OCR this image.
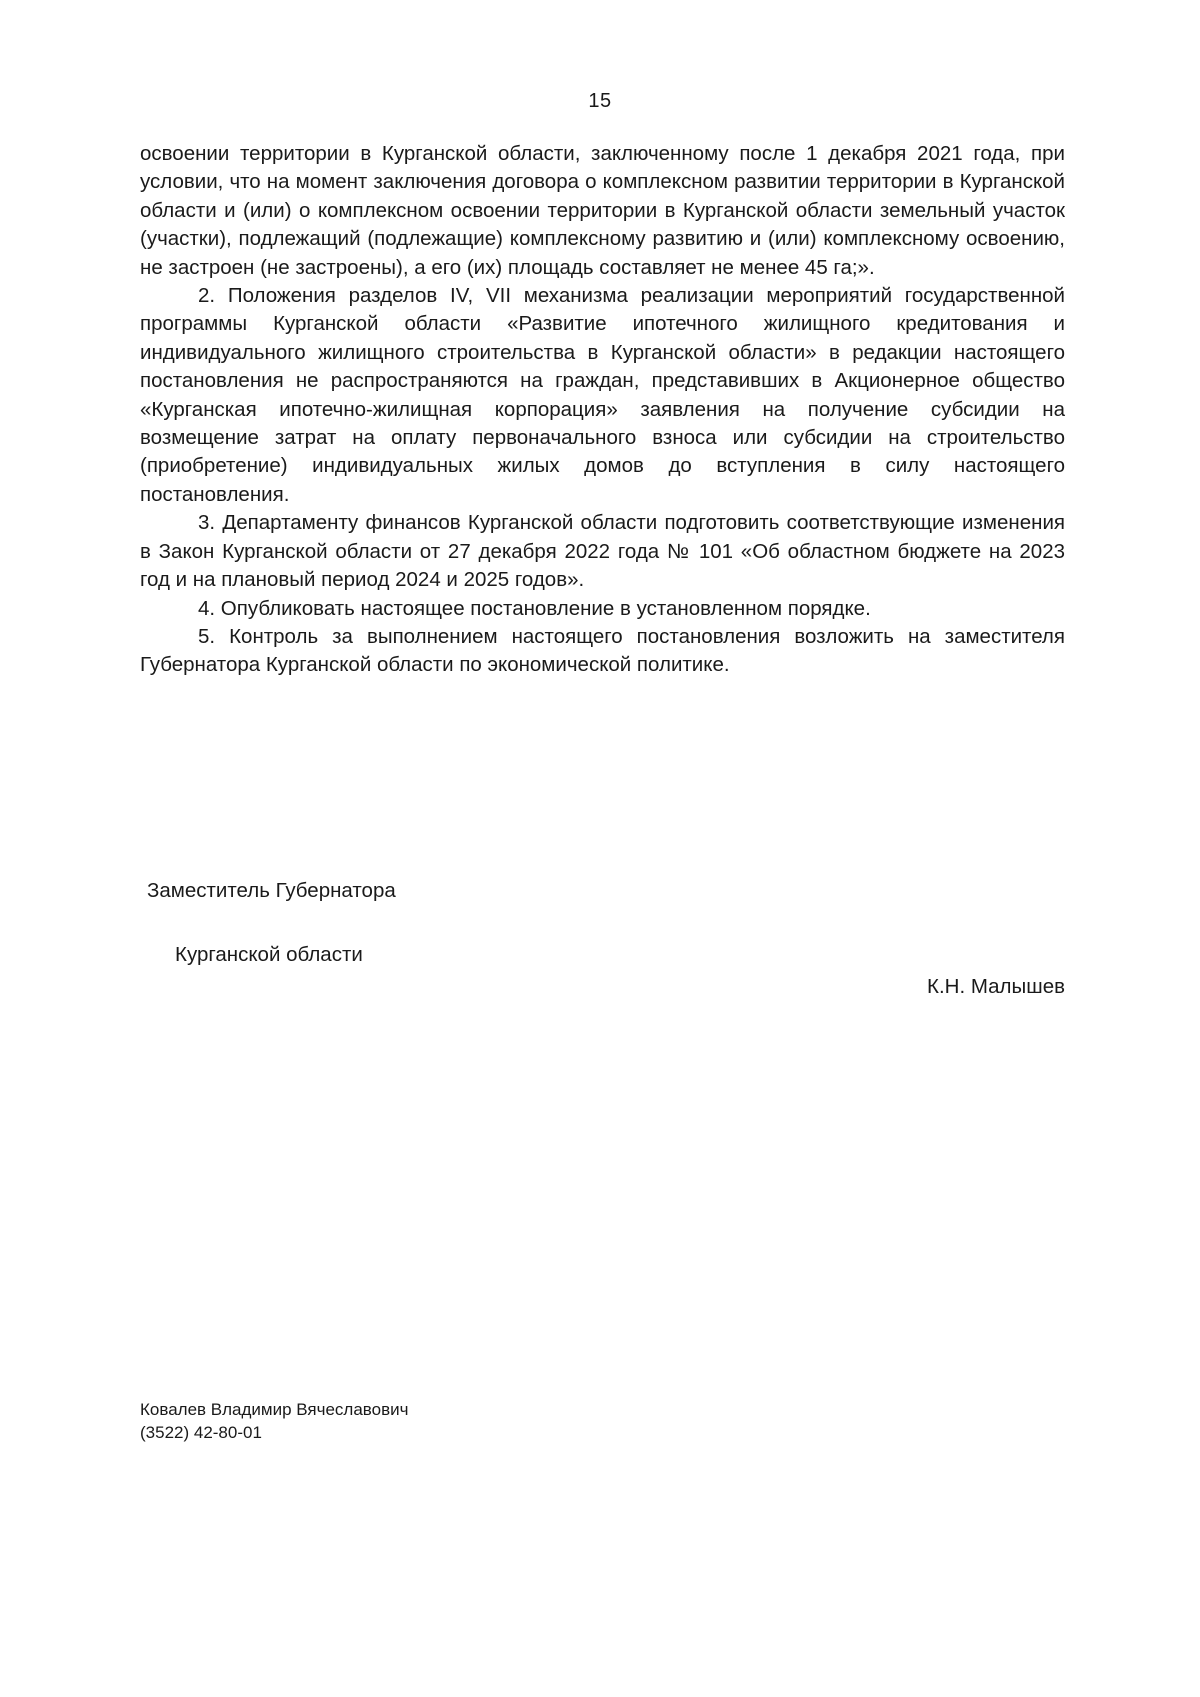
15

освоении территории в Курганской области, заключенному после 1 декабря 2021 года, при условии, что на момент заключения договора о комплексном развитии территории в Курганской области и (или) о комплексном освоении территории в Курганской области земельный участок (участки), подлежащий (подлежащие) комплексному развитию и (или) комплексному освоению, не застроен (не застроены), а его (их) площадь составляет не менее 45 га;».

2. Положения разделов IV, VII механизма реализации мероприятий государственной программы Курганской области «Развитие ипотечного жилищного кредитования и индивидуального жилищного строительства в Курганской области» в редакции настоящего постановления не распространяются на граждан, представивших в Акционерное общество «Курганская ипотечно-жилищная корпорация» заявления на получение субсидии на возмещение затрат на оплату первоначального взноса или субсидии на строительство (приобретение) индивидуальных жилых домов до вступления в силу настоящего постановления.

3. Департаменту финансов Курганской области подготовить соответствующие изменения в Закон Курганской области от 27 декабря 2022 года № 101 «Об областном бюджете на 2023 год и на плановый период 2024 и 2025 годов».

4. Опубликовать настоящее постановление в установленном порядке.

5. Контроль за выполнением настоящего постановления возложить на заместителя Губернатора Курганской области по экономической политике.

Заместитель Губернатора

Курганской области

К.Н. Малышев
Ковалев Владимир Вячеславович
(3522) 42-80-01
